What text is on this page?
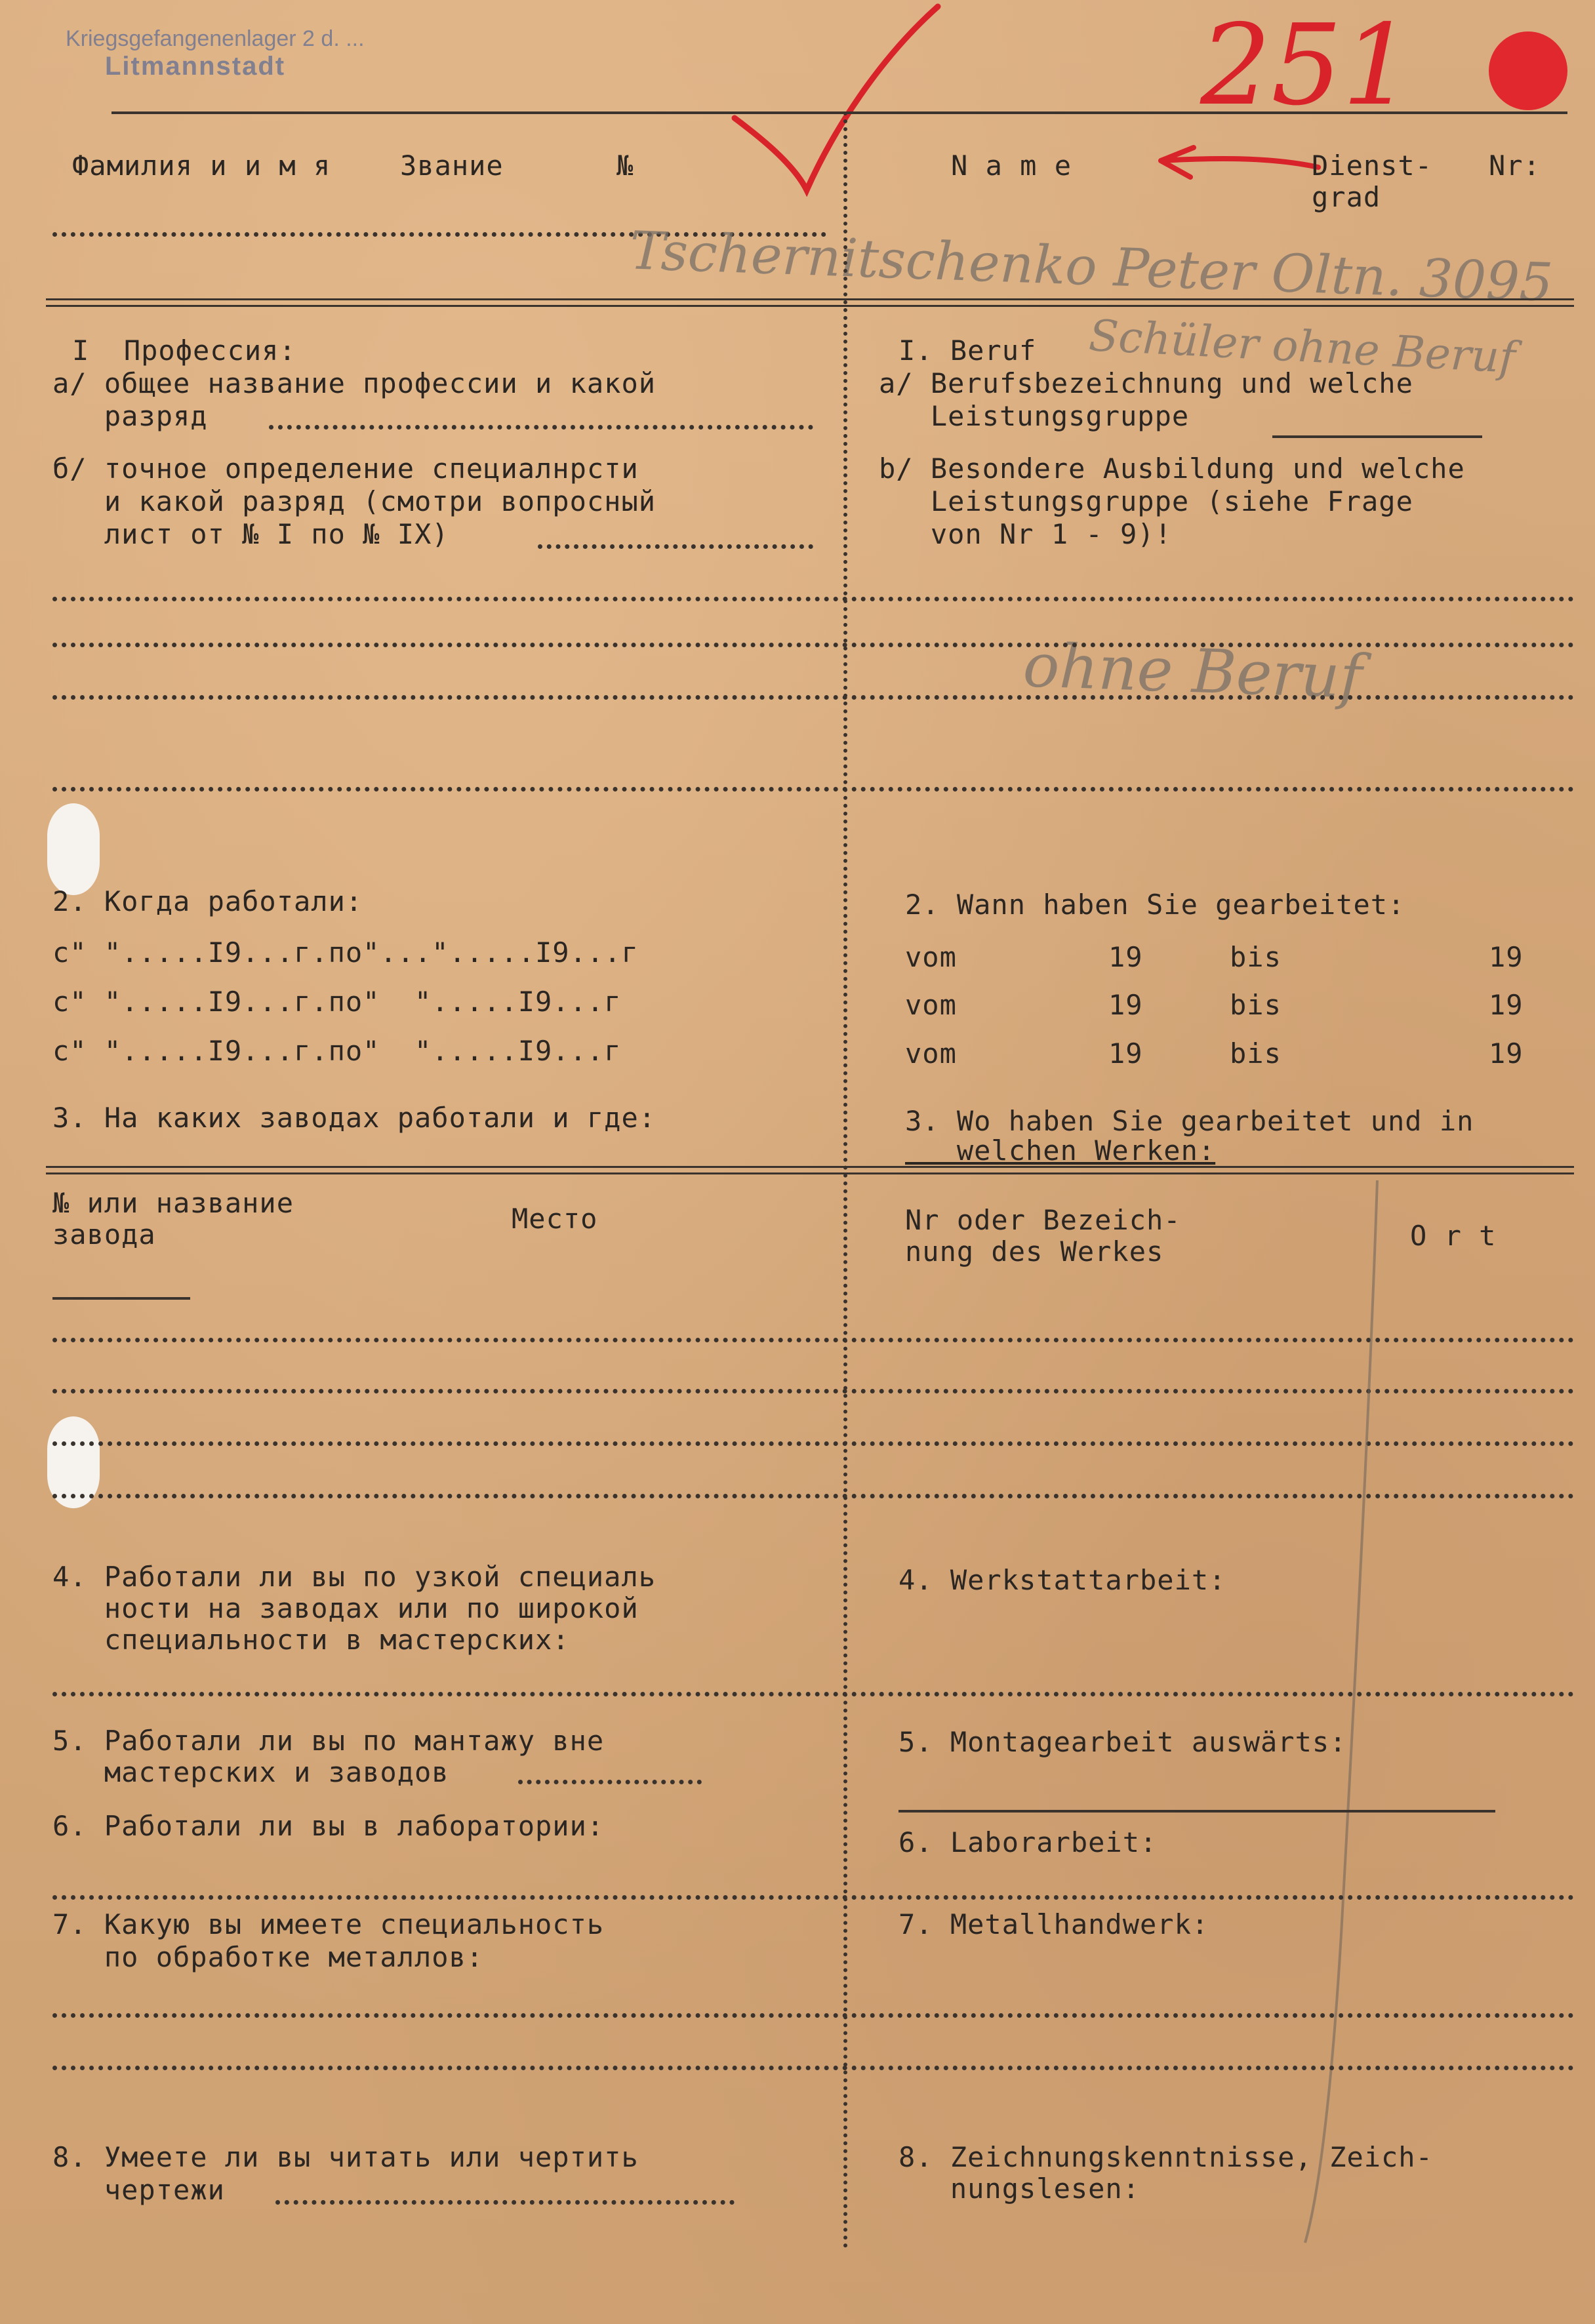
Kriegsgefangenenlager 2 d. ...
Litmannstadt	251
Фамилия и и м я	Звание	№	N a m e	Dienst-
grad
Nr:
Tschernitschenko Peter Oltn. 3095
I  Профессия:
а/ общее название профессии и какой
разряд
б/ точное определение специалнрсти
и какой разряд (смотри вопросный
лист от № I по № IX)
I. Beruf
a/ Berufsbezeichnung und welche
Leistungsgruppe
b/ Besondere Ausbildung und welche
Leistungsgruppe (siehe Frage
von Nr 1 - 9)!
Schüler ohne Beruf
ohne Beruf
2. Когда работали:
с" ".....I9...г.по"...".....I9...г
с" ".....I9...г.по"  ".....I9...г
с" ".....I9...г.по"  ".....I9...г
2. Wann haben Sie gearbeitet:
vom	19	bis	19
vom	19	bis	19
vom	19	bis	19
3. На каких заводах работали и где:	3. Wo haben Sie gearbeitet und in
welchen Werken:
№ или название
завода	Место	Nr oder Bezeich-
nung des Werkes	O r t
4. Работали ли вы по узкой специаль
ности на заводах или по широкой
специальности в мастерских:
4. Werkstattarbeit:
5. Работали ли вы по мантажу вне
мастерских и заводов
5. Montagearbeit auswärts:
6. Работали ли вы в лаборатории:
6. Laborarbeit:
7. Какую вы имеете специальность
по обработке металлов:
7. Metallhandwerk:
8. Умеете ли вы читать или чертить
чертежи
8. Zeichnungskenntnisse, Zeich-
nungslesen:
